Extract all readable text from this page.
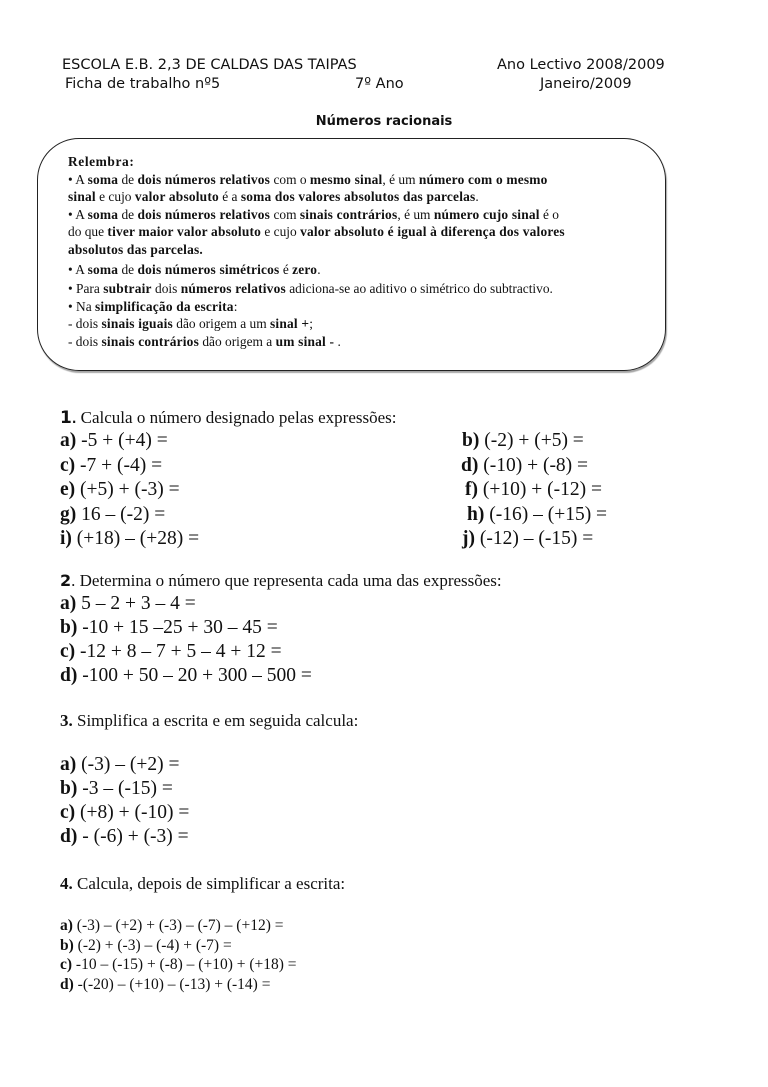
ESCOLA E.B. 2,3 DE CALDAS DAS TAIPAS	Ano Lectivo 2008/2009
Ficha de trabalho nº5	7º Ano	Janeiro/2009
Números racionais
Relembra:
• A soma de dois números relativos com o mesmo sinal, é um número com o mesmo
sinal e cujo valor absoluto é a soma dos valores absolutos das parcelas.
• A soma de dois números relativos com sinais contrários, é um número cujo sinal é o
do que tiver maior valor absoluto e cujo valor absoluto é igual à diferença dos valores
absolutos das parcelas.
• A soma de dois números simétricos é zero.
• Para subtrair dois números relativos adiciona-se ao aditivo o simétrico do subtractivo.
• Na simplificação da escrita:
- dois sinais iguais dão origem a um sinal +;
- dois sinais contrários dão origem a um sinal - .
1. Calcula o número designado pelas expressões:
a) -5 + (+4) =	b) (-2) + (+5) =
c) -7 + (-4) =	d) (-10) + (-8) =
e) (+5) + (-3) =	f) (+10) + (-12) =
g) 16 – (-2) =	h) (-16) – (+15) =
i) (+18) – (+28) =	j) (-12) – (-15) =
2. Determina o número que representa cada uma das expressões:
a) 5 – 2 + 3 – 4 =
b) -10 + 15 –25 + 30 – 45 =
c) -12 + 8 – 7 + 5 – 4 + 12 =
d) -100 + 50 – 20 + 300 – 500 =
3. Simplifica a escrita e em seguida calcula:
a) (-3) – (+2) =
b) -3 – (-15) =
c) (+8) + (-10) =
d) - (-6) + (-3) =
4. Calcula, depois de simplificar a escrita:
a) (-3) – (+2) + (-3) – (-7) – (+12) =
b) (-2) + (-3) – (-4) + (-7) =
c) -10 – (-15) + (-8) – (+10) + (+18) =
d) -(-20) – (+10) – (-13) + (-14) =
